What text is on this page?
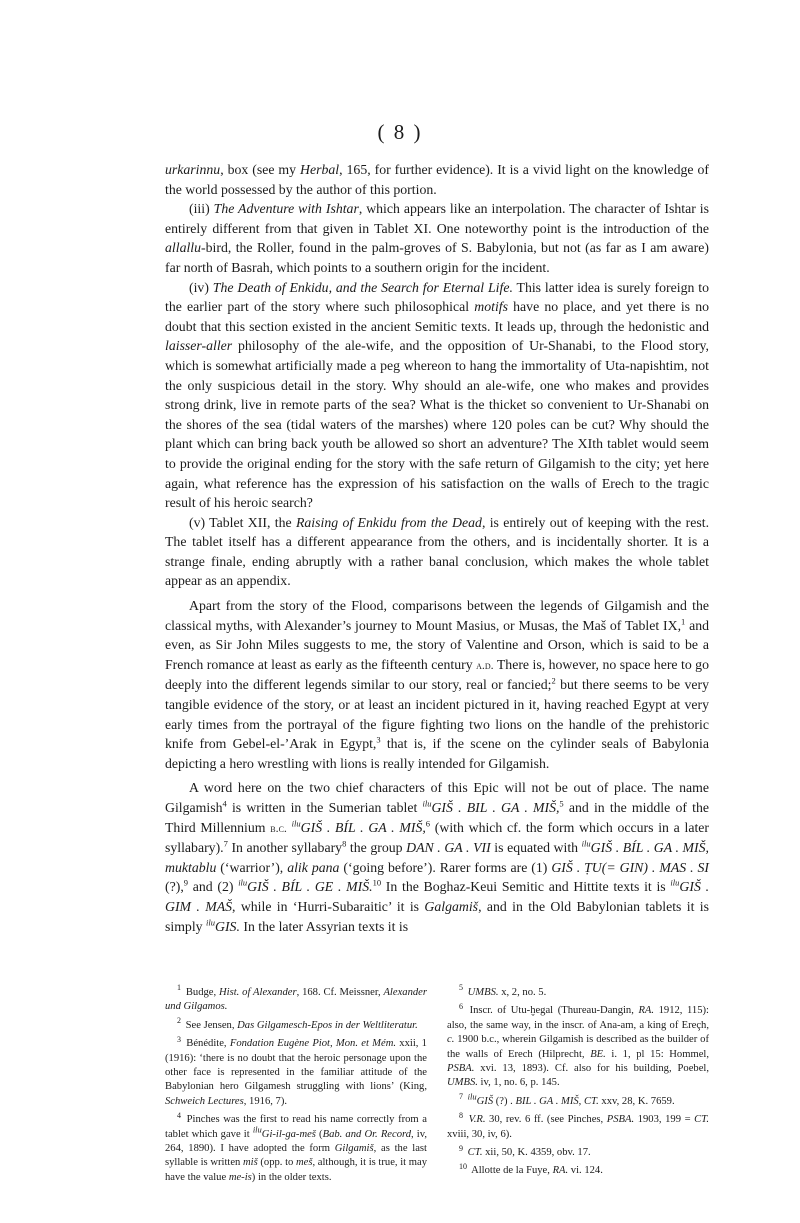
( 8 )

urkarinnu, box (see my Herbal, 165, for further evidence). It is a vivid light on the knowledge of the world possessed by the author of this portion.

(iii) The Adventure with Ishtar, which appears like an interpolation. The character of Ishtar is entirely different from that given in Tablet XI. One noteworthy point is the introduction of the allallu-bird, the Roller, found in the palm-groves of S. Babylonia, but not (as far as I am aware) far north of Basrah, which points to a southern origin for the incident.

(iv) The Death of Enkidu, and the Search for Eternal Life. This latter idea is surely foreign to the earlier part of the story where such philosophical motifs have no place, and yet there is no doubt that this section existed in the ancient Semitic texts. It leads up, through the hedonistic and laisser-aller philosophy of the ale-wife, and the opposition of Ur-Shanabi, to the Flood story, which is somewhat artificially made a peg whereon to hang the immortality of Uta-napishtim, not the only suspicious detail in the story. Why should an ale-wife, one who makes and provides strong drink, live in remote parts of the sea? What is the thicket so convenient to Ur-Shanabi on the shores of the sea (tidal waters of the marshes) where 120 poles can be cut? Why should the plant which can bring back youth be allowed so short an adventure? The XIth tablet would seem to provide the original ending for the story with the safe return of Gilgamish to the city; yet here again, what reference has the expression of his satisfaction on the walls of Erech to the tragic result of his heroic search?

(v) Tablet XII, the Raising of Enkidu from the Dead, is entirely out of keeping with the rest. The tablet itself has a different appearance from the others, and is incidentally shorter. It is a strange finale, ending abruptly with a rather banal conclusion, which makes the whole tablet appear as an appendix.

Apart from the story of the Flood, comparisons between the legends of Gilgamish and the classical myths, with Alexander’s journey to Mount Masius, or Musas, the Maš of Tablet IX,$^1$ and even, as Sir John Miles suggests to me, the story of Valentine and Orson, which is said to be a French romance at least as early as the fifteenth century a.d. There is, however, no space here to go deeply into the different legends similar to our story, real or fancied;$^2$ but there seems to be very tangible evidence of the story, or at least an incident pictured in it, having reached Egypt at very early times from the portrayal of the figure fighting two lions on the handle of the prehistoric knife from Gebel-el-’Arak in Egypt,$^3$ that is, if the scene on the cylinder seals of Babylonia depicting a hero wrestling with lions is really intended for Gilgamish.

A word here on the two chief characters of this Epic will not be out of place. The name Gilgamish$^4$ is written in the Sumerian tablet $^{ilu}$GIŠ . BIL . GA . MIŠ,$^5$ and in the middle of the Third Millennium b.c. $^{ilu}$GIŠ . BÍL . GA . MIŠ,$^6$ (with which cf. the form which occurs in a later syllabary).$^7$ In another syllabary$^8$ the group DAN . GA . VII is equated with $^{ilu}$GIŠ . BÍL . GA . MIŠ, muktablu (‘warrior’), alik pana (‘going before’). Rarer forms are (1) GIŠ . ṬU(= GIN) . MAS . SI (?),$^9$ and (2) $^{ilu}$GIŠ . BÍL . GE . MIŠ.$^{10}$ In the Boghaz-Keui Semitic and Hittite texts it is $^{ilu}$GIŠ . GIM . MAŠ, while in ‘Hurri-Subaraitic’ it is Galgamiš, and in the Old Babylonian tablets it is simply $^{ilu}$GIS. In the later Assyrian texts it is

$^1$ Budge, Hist. of Alexander, 168. Cf. Meissner, Alexander und Gilgamos.

$^2$ See Jensen, Das Gilgamesch-Epos in der Weltliteratur.

$^3$ Bénédite, Fondation Eugène Piot, Mon. et Mém. xxii, 1 (1916): ‘there is no doubt that the heroic personage upon the other face is represented in the familiar attitude of the Babylonian hero Gilgamesh struggling with lions’ (King, Schweich Lectures, 1916, 7).

$^4$ Pinches was the first to read his name correctly from a tablet which gave it $^{ilu}$Gi-il-ga-meš (Bab. and Or. Record, iv, 264, 1890). I have adopted the form Gilgamiš, as the last syllable is written miš (opp. to meš, although, it is true, it may have the value me-is) in the older texts.

$^5$ UMBS. x, 2, no. 5.

$^6$ Inscr. of Utu-ḫegal (Thureau-Dangin, RA. 1912, 115): also, the same way, in the inscr. of Ana-am, a king of Ereçh, c. 1900 b.c., wherein Gilgamish is described as the builder of the walls of Erech (Hilprecht, BE. i. 1, pl 15: Hommel, PSBA. xvi. 13, 1893). Cf. also for his building, Poebel, UMBS. iv, 1, no. 6, p. 145.

$^7$ $^{ilu}$GIŠ (?) . BIL . GA . MIŠ, CT. xxv, 28, K. 7659.

$^8$ V.R. 30, rev. 6 ff. (see Pinches, PSBA. 1903, 199 = CT. xviii, 30, iv, 6).

$^9$ CT. xii, 50, K. 4359, obv. 17.

$^{10}$ Allotte de la Fuye, RA. vi. 124.
